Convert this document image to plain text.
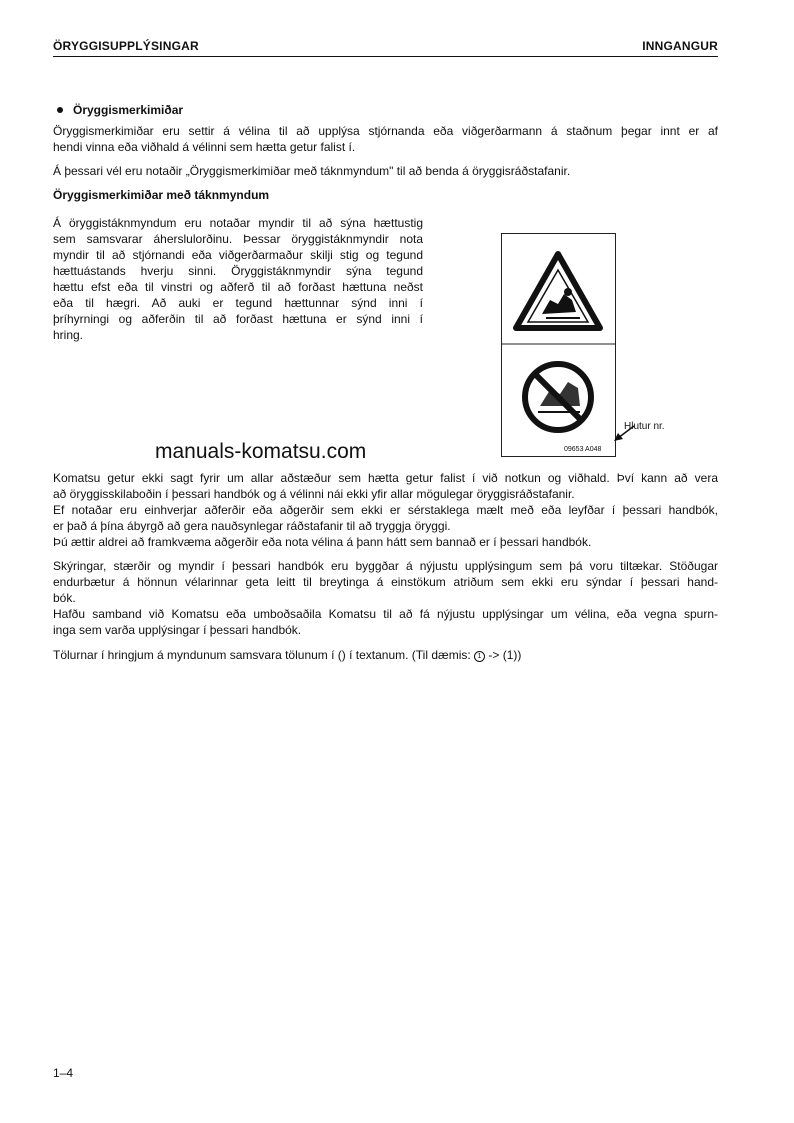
ÖRYGGISUPPLÝSINGAR	INNGANGUR
Öryggismerkimiðar
Öryggismerkimiðar eru settir á vélina til að upplýsa stjórnanda eða viðgerðarmann á staðnum þegar innt er af
hendi vinna eða viðhald á vélinni sem hætta getur falist í.
Á þessari vél eru notaðir „Öryggismerkimiðar með táknmyndum" til að benda á öryggisráðstafanir.
Öryggismerkimiðar með táknmyndum
Á öryggistáknmyndum eru notaðar myndir til að sýna hættustig
sem samsvarar áherslulorðinu. Þessar öryggistáknmyndir nota
myndir til að stjórnandi eða viðgerðarmaður skilji stig og tegund
hættuástands hverju sinni. Öryggistáknmyndir sýna tegund
hættu efst eða til vinstri og aðferð til að forðast hættuna neðst
eða til hægri. Að auki er tegund hættunnar sýnd inni í
þríhyrningi og aðferðin til að forðast hættuna er sýnd inni í
hring.
09653 A048
Hlutur nr.
manuals-komatsu.com
Komatsu getur ekki sagt fyrir um allar aðstæður sem hætta getur falist í við notkun og viðhald. Því kann að vera
að öryggisskilaboðin í þessari handbók og á vélinni nái ekki yfir allar mögulegar öryggisráðstafanir.
Ef notaðar eru einhverjar aðferðir eða aðgerðir sem ekki er sérstaklega mælt með eða leyfðar í þessari handbók,
er það á þína ábyrgð að gera nauðsynlegar ráðstafanir til að tryggja öryggi.
Þú ættir aldrei að framkvæma aðgerðir eða nota vélina á þann hátt sem bannað er í þessari handbók.
Skýringar, stærðir og myndir í þessari handbók eru byggðar á nýjustu upplýsingum sem þá voru tiltækar. Stöðugar
endurbætur á hönnun vélarinnar geta leitt til breytinga á einstökum atriðum sem ekki eru sýndar í þessari hand-
bók.
Hafðu samband við Komatsu eða umboðsaðila Komatsu til að fá nýjustu upplýsingar um vélina, eða vegna spurn-
inga sem varða upplýsingar í þessari handbók.
Tölurnar í hringjum á myndunum samsvara tölunum í () í textanum. (Til dæmis: 1 -> (1))
1–4
